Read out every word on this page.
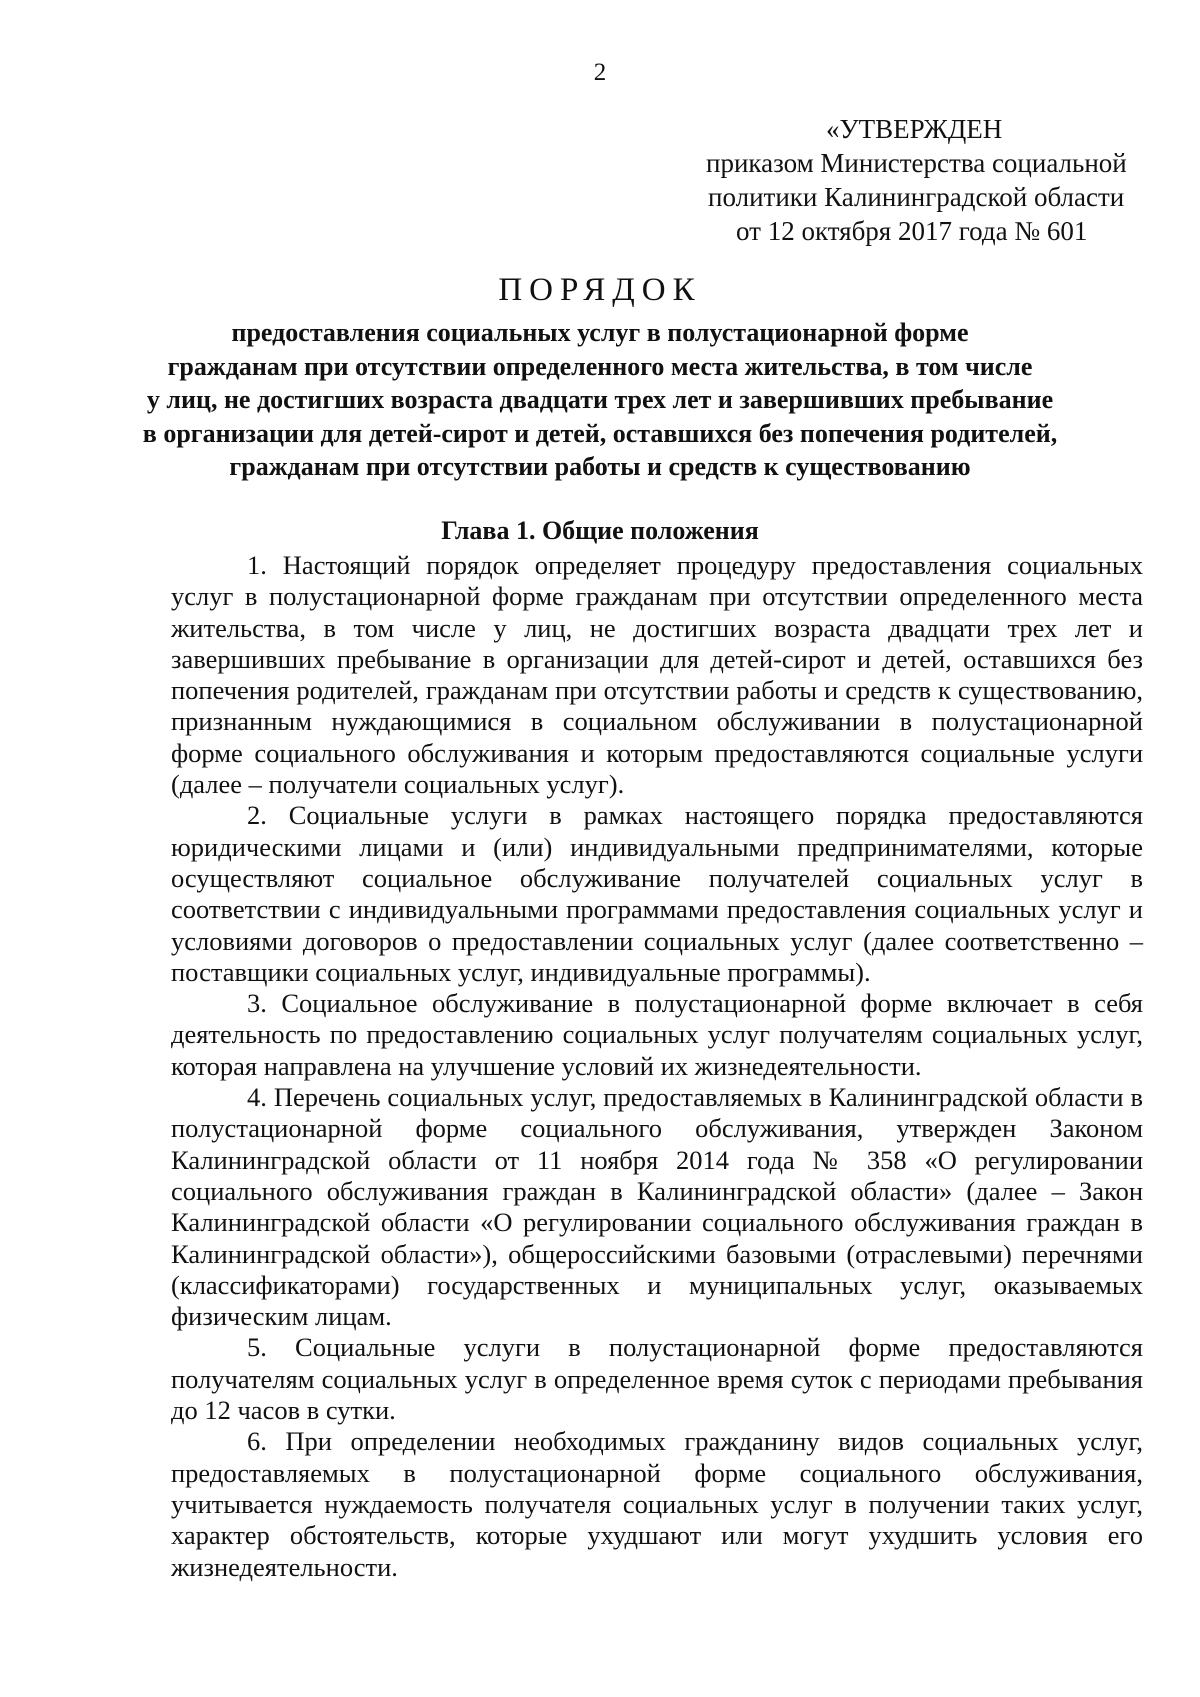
2
«УТВЕРЖДЕН
приказом Министерства социальной
политики Калининградской области
от 12 октября 2017 года № 601
ПОРЯДОК
предоставления социальных услуг в полустационарной форме
гражданам при отсутствии определенного места жительства, в том числе
у лиц, не достигших возраста двадцати трех лет и завершивших пребывание
в организации для детей-сирот и детей, оставшихся без попечения родителей,
гражданам при отсутствии работы и средств к существованию
Глава 1. Общие положения

1. Настоящий порядок определяет процедуру предоставления социальных услуг в полустационарной форме гражданам при отсутствии определенного места жительства, в том числе у лиц, не достигших возраста двадцати трех лет и завершивших пребывание в организации для детей-сирот и детей, оставшихся без попечения родителей, гражданам при отсутствии работы и средств к существованию, признанным нуждающимися в социальном обслуживании в полустационарной форме социального обслуживания и которым предоставляются социальные услуги (далее – получатели социальных услуг).

2. Социальные услуги в рамках настоящего порядка предоставляются юридическими лицами и (или) индивидуальными предпринимателями, которые осуществляют социальное обслуживание получателей социальных услуг в соответствии с индивидуальными программами предоставления социальных услуг и условиями договоров о предоставлении социальных услуг (далее соответственно – поставщики социальных услуг, индивидуальные программы).

3. Социальное обслуживание в полустационарной форме включает в себя деятельность по предоставлению социальных услуг получателям социальных услуг, которая направлена на улучшение условий их жизнедеятельности.

4. Перечень социальных услуг, предоставляемых в Калининградской области в полустационарной форме социального обслуживания, утвержден Законом Калининградской области от 11 ноября 2014 года № 358 «О регулировании социального обслуживания граждан в Калининградской области» (далее – Закон Калининградской области «О регулировании социального обслуживания граждан в Калининградской области»), общероссийскими базовыми (отраслевыми) перечнями (классификаторами) государственных и муниципальных услуг, оказываемых физическим лицам.

5. Социальные услуги в полустационарной форме предоставляются получателям социальных услуг в определенное время суток с периодами пребывания до 12 часов в сутки.

6. При определении необходимых гражданину видов социальных услуг, предоставляемых в полустационарной форме социального обслуживания, учитывается нуждаемость получателя социальных услуг в получении таких услуг, характер обстоятельств, которые ухудшают или могут ухудшить условия его жизнедеятельности.
